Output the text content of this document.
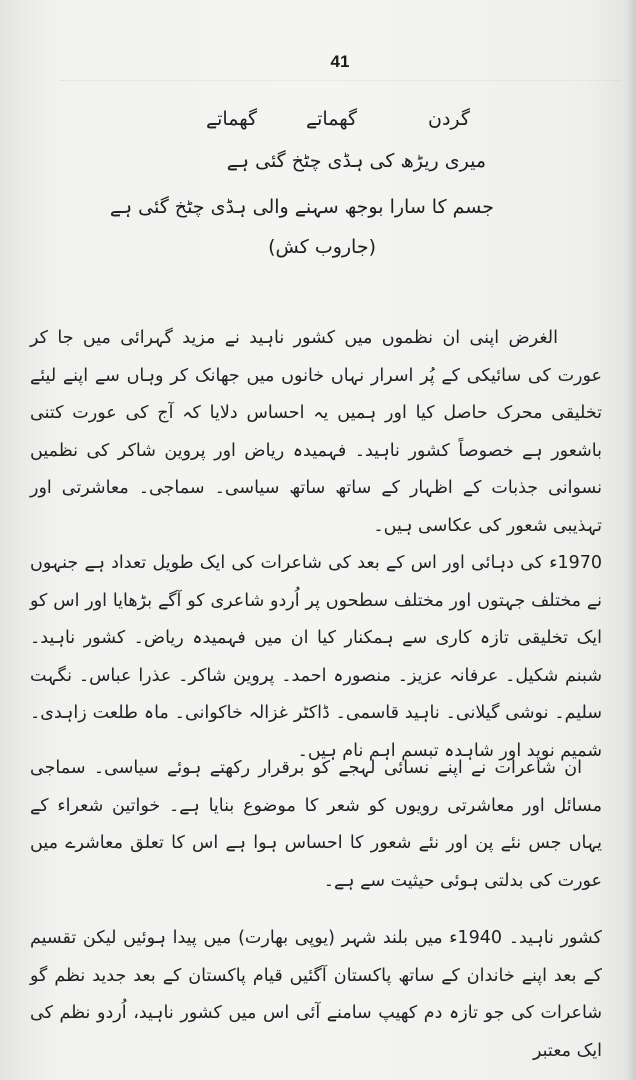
41
گردن
گھماتے
گھماتے
میری ریڑھ کی ہڈی چٹخ گئی ہے
جسم کا سارا بوجھ سہنے والی ہڈی چٹخ گئی ہے
(جاروب کش)
الغرض اپنی ان نظموں میں کشور ناہید نے مزید گہرائی میں جا کر عورت کی سائیکی کے پُر اسرار نہاں خانوں میں جھانک کر وہاں سے اپنے لیئے تخلیقی محرک حاصل کیا اور ہمیں یہ احساس دلایا کہ آج کی عورت کتنی باشعور ہے خصوصاً کشور ناہید۔ فہمیدہ ریاض اور پروین شاکر کی نظمیں نسوانی جذبات کے اظہار کے ساتھ ساتھ سیاسی۔ سماجی۔ معاشرتی اور تہذیبی شعور کی عکاسی ہیں۔
1970ء کی دہائی اور اس کے بعد کی شاعرات کی ایک طویل تعداد ہے جنہوں نے مختلف جہتوں اور مختلف سطحوں پر اُردو شاعری کو آگے بڑھایا اور اس کو ایک تخلیقی تازہ کاری سے ہمکنار کیا ان میں فہمیدہ ریاض۔ کشور ناہید۔ شبنم شکیل۔ عرفانہ عزیز۔ منصورہ احمد۔ پروین شاکر۔ عذرا عباس۔ نگہت سلیم۔ نوشی گیلانی۔ ناہید قاسمی۔ ڈاکٹر غزالہ خاکوانی۔ ماہ طلعت زاہدی۔ شمیم نوید اور شاہدہ تبسم اہم نام ہیں۔
ان شاعرات نے اپنے نسائی لہجے کو برقرار رکھتے ہوئے سیاسی۔ سماجی مسائل اور معاشرتی رویوں کو شعر کا موضوع بنایا ہے۔ خواتین شعراء کے یہاں جس نئے پن اور نئے شعور کا احساس ہوا ہے اس کا تعلق معاشرے میں عورت کی بدلتی ہوئی حیثیت سے ہے۔
کشور ناہید۔ 1940ء میں بلند شہر (یوپی بھارت) میں پیدا ہوئیں لیکن تقسیم کے بعد اپنے خاندان کے ساتھ پاکستان آگئیں قیام پاکستان کے بعد جدید نظم گو شاعرات کی جو تازہ دم کھیپ سامنے آئی اس میں کشور ناہید، اُردو نظم کی ایک معتبر
